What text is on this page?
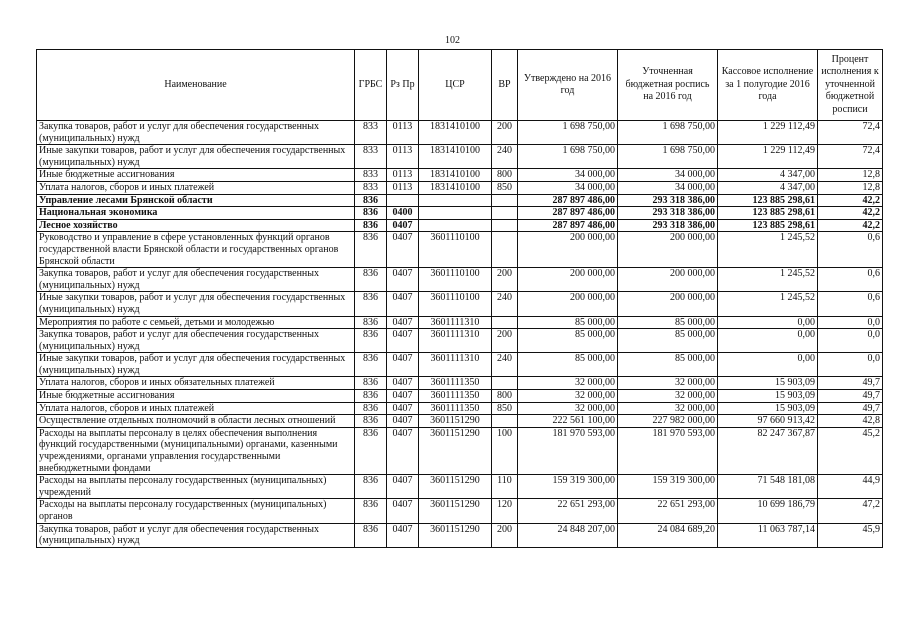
102
Наименование	ГРБС	Рз Пр	ЦСР	ВР	Утверждено на 2016 год	Уточненная бюджетная роспись на 2016 год	Кассовое исполнение за 1 полугодие 2016 года	Процент исполнения к уточненной бюджетной росписи
Закупка товаров, работ и услуг для обеспечения государственных (муниципальных) нужд	833	0113	1831410100	200	1 698 750,00	1 698 750,00	1 229 112,49	72,4
Иные закупки товаров, работ и услуг для обеспечения государственных (муниципальных) нужд	833	0113	1831410100	240	1 698 750,00	1 698 750,00	1 229 112,49	72,4
Иные бюджетные ассигнования	833	0113	1831410100	800	34 000,00	34 000,00	4 347,00	12,8
Уплата налогов, сборов и иных платежей	833	0113	1831410100	850	34 000,00	34 000,00	4 347,00	12,8
Управление лесами Брянской области	836				287 897 486,00	293 318 386,00	123 885 298,61	42,2
Национальная экономика	836	0400			287 897 486,00	293 318 386,00	123 885 298,61	42,2
Лесное хозяйство	836	0407			287 897 486,00	293 318 386,00	123 885 298,61	42,2
Руководство и управление в сфере установленных функций органов государственной власти Брянской области и государственных органов Брянской области	836	0407	3601110100		200 000,00	200 000,00	1 245,52	0,6
Закупка товаров, работ и услуг для обеспечения государственных (муниципальных) нужд	836	0407	3601110100	200	200 000,00	200 000,00	1 245,52	0,6
Иные закупки товаров, работ и услуг для обеспечения государственных (муниципальных) нужд	836	0407	3601110100	240	200 000,00	200 000,00	1 245,52	0,6
Мероприятия по работе с семьей, детьми и молодежью	836	0407	3601111310		85 000,00	85 000,00	0,00	0,0
Закупка товаров, работ и услуг для обеспечения государственных (муниципальных) нужд	836	0407	3601111310	200	85 000,00	85 000,00	0,00	0,0
Иные закупки товаров, работ и услуг для обеспечения государственных (муниципальных) нужд	836	0407	3601111310	240	85 000,00	85 000,00	0,00	0,0
Уплата налогов, сборов и иных обязательных платежей	836	0407	3601111350		32 000,00	32 000,00	15 903,09	49,7
Иные бюджетные ассигнования	836	0407	3601111350	800	32 000,00	32 000,00	15 903,09	49,7
Уплата налогов, сборов и иных платежей	836	0407	3601111350	850	32 000,00	32 000,00	15 903,09	49,7
Осуществление отдельных полномочий в области лесных отношений	836	0407	3601151290		222 561 100,00	227 982 000,00	97 660 913,42	42,8
Расходы на выплаты персоналу в целях обеспечения выполнения функций государственными (муниципальными) органами, казенными учреждениями, органами управления государственными внебюджетными фондами	836	0407	3601151290	100	181 970 593,00	181 970 593,00	82 247 367,87	45,2
Расходы на выплаты персоналу государственных (муниципальных) учреждений	836	0407	3601151290	110	159 319 300,00	159 319 300,00	71 548 181,08	44,9
Расходы на выплаты персоналу государственных (муниципальных) органов	836	0407	3601151290	120	22 651 293,00	22 651 293,00	10 699 186,79	47,2
Закупка товаров, работ и услуг для обеспечения государственных (муниципальных) нужд	836	0407	3601151290	200	24 848 207,00	24 084 689,20	11 063 787,14	45,9
